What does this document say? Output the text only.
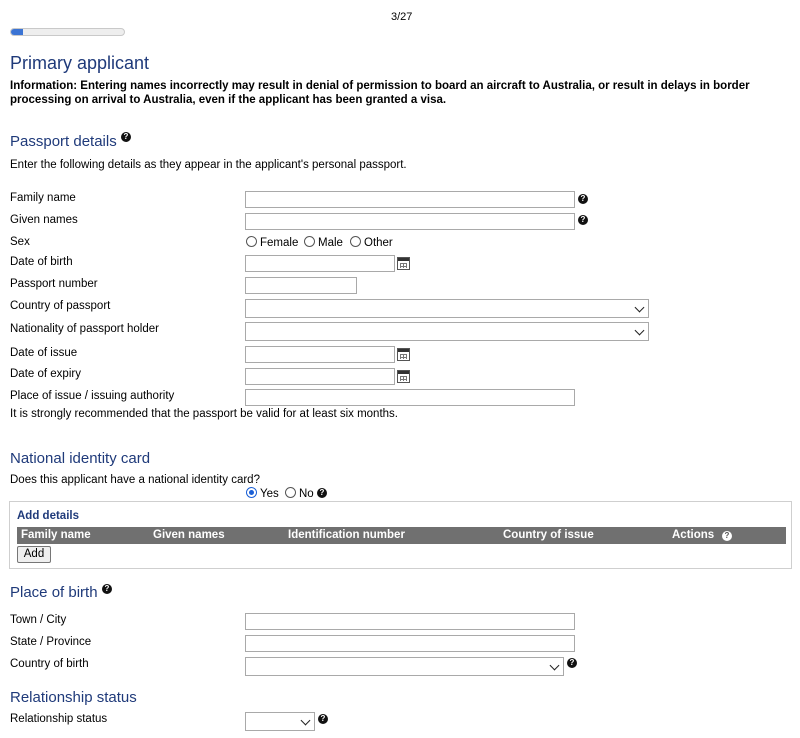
3/27
Primary applicant
Information: Entering names incorrectly may result in denial of permission to board an aircraft to Australia, or result in delays in border processing on arrival to Australia, even if the applicant has been granted a visa.
Passport details ?
Enter the following details as they appear in the applicant's personal passport.
Family name	?
Given names	?
Sex	Female Male Other
Date of birth
Passport number
Country of passport
Nationality of passport holder
Date of issue
Date of expiry
Place of issue / issuing authority
It is strongly recommended that the passport be valid for at least six months.
National identity card
Does this applicant have a national identity card?
Yes No ?
Add details
Family name	Given names	Identification number	Country of issue	Actions	?
Add
Place of birth ?
Town / City
State / Province
Country of birth	?
Relationship status
Relationship status	?
